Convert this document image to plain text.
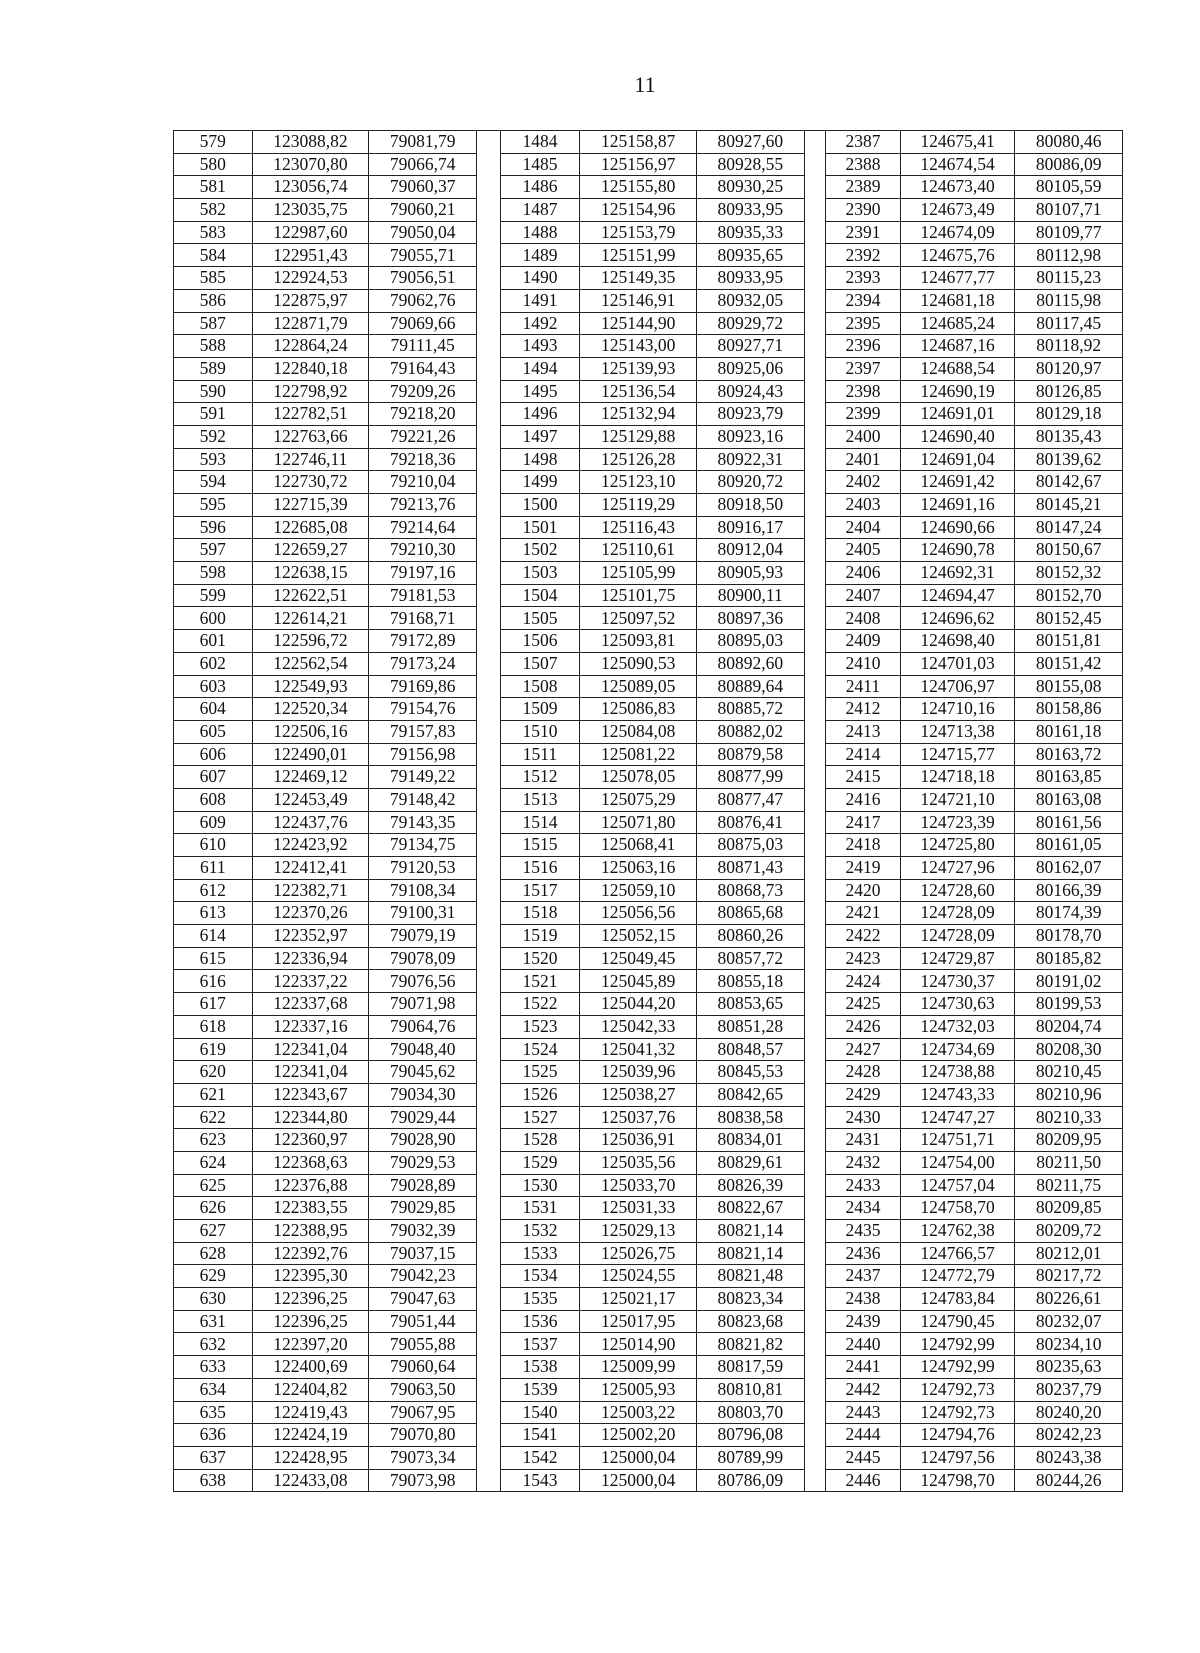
11
579	123088,82	79081,79		1484	125158,87	80927,60		2387	124675,41	80080,46
580	123070,80	79066,74		1485	125156,97	80928,55		2388	124674,54	80086,09
581	123056,74	79060,37		1486	125155,80	80930,25		2389	124673,40	80105,59
582	123035,75	79060,21		1487	125154,96	80933,95		2390	124673,49	80107,71
583	122987,60	79050,04		1488	125153,79	80935,33		2391	124674,09	80109,77
584	122951,43	79055,71		1489	125151,99	80935,65		2392	124675,76	80112,98
585	122924,53	79056,51		1490	125149,35	80933,95		2393	124677,77	80115,23
586	122875,97	79062,76		1491	125146,91	80932,05		2394	124681,18	80115,98
587	122871,79	79069,66		1492	125144,90	80929,72		2395	124685,24	80117,45
588	122864,24	79111,45		1493	125143,00	80927,71		2396	124687,16	80118,92
589	122840,18	79164,43		1494	125139,93	80925,06		2397	124688,54	80120,97
590	122798,92	79209,26		1495	125136,54	80924,43		2398	124690,19	80126,85
591	122782,51	79218,20		1496	125132,94	80923,79		2399	124691,01	80129,18
592	122763,66	79221,26		1497	125129,88	80923,16		2400	124690,40	80135,43
593	122746,11	79218,36		1498	125126,28	80922,31		2401	124691,04	80139,62
594	122730,72	79210,04		1499	125123,10	80920,72		2402	124691,42	80142,67
595	122715,39	79213,76		1500	125119,29	80918,50		2403	124691,16	80145,21
596	122685,08	79214,64		1501	125116,43	80916,17		2404	124690,66	80147,24
597	122659,27	79210,30		1502	125110,61	80912,04		2405	124690,78	80150,67
598	122638,15	79197,16		1503	125105,99	80905,93		2406	124692,31	80152,32
599	122622,51	79181,53		1504	125101,75	80900,11		2407	124694,47	80152,70
600	122614,21	79168,71		1505	125097,52	80897,36		2408	124696,62	80152,45
601	122596,72	79172,89		1506	125093,81	80895,03		2409	124698,40	80151,81
602	122562,54	79173,24		1507	125090,53	80892,60		2410	124701,03	80151,42
603	122549,93	79169,86		1508	125089,05	80889,64		2411	124706,97	80155,08
604	122520,34	79154,76		1509	125086,83	80885,72		2412	124710,16	80158,86
605	122506,16	79157,83		1510	125084,08	80882,02		2413	124713,38	80161,18
606	122490,01	79156,98		1511	125081,22	80879,58		2414	124715,77	80163,72
607	122469,12	79149,22		1512	125078,05	80877,99		2415	124718,18	80163,85
608	122453,49	79148,42		1513	125075,29	80877,47		2416	124721,10	80163,08
609	122437,76	79143,35		1514	125071,80	80876,41		2417	124723,39	80161,56
610	122423,92	79134,75		1515	125068,41	80875,03		2418	124725,80	80161,05
611	122412,41	79120,53		1516	125063,16	80871,43		2419	124727,96	80162,07
612	122382,71	79108,34		1517	125059,10	80868,73		2420	124728,60	80166,39
613	122370,26	79100,31		1518	125056,56	80865,68		2421	124728,09	80174,39
614	122352,97	79079,19		1519	125052,15	80860,26		2422	124728,09	80178,70
615	122336,94	79078,09		1520	125049,45	80857,72		2423	124729,87	80185,82
616	122337,22	79076,56		1521	125045,89	80855,18		2424	124730,37	80191,02
617	122337,68	79071,98		1522	125044,20	80853,65		2425	124730,63	80199,53
618	122337,16	79064,76		1523	125042,33	80851,28		2426	124732,03	80204,74
619	122341,04	79048,40		1524	125041,32	80848,57		2427	124734,69	80208,30
620	122341,04	79045,62		1525	125039,96	80845,53		2428	124738,88	80210,45
621	122343,67	79034,30		1526	125038,27	80842,65		2429	124743,33	80210,96
622	122344,80	79029,44		1527	125037,76	80838,58		2430	124747,27	80210,33
623	122360,97	79028,90		1528	125036,91	80834,01		2431	124751,71	80209,95
624	122368,63	79029,53		1529	125035,56	80829,61		2432	124754,00	80211,50
625	122376,88	79028,89		1530	125033,70	80826,39		2433	124757,04	80211,75
626	122383,55	79029,85		1531	125031,33	80822,67		2434	124758,70	80209,85
627	122388,95	79032,39		1532	125029,13	80821,14		2435	124762,38	80209,72
628	122392,76	79037,15		1533	125026,75	80821,14		2436	124766,57	80212,01
629	122395,30	79042,23		1534	125024,55	80821,48		2437	124772,79	80217,72
630	122396,25	79047,63		1535	125021,17	80823,34		2438	124783,84	80226,61
631	122396,25	79051,44		1536	125017,95	80823,68		2439	124790,45	80232,07
632	122397,20	79055,88		1537	125014,90	80821,82		2440	124792,99	80234,10
633	122400,69	79060,64		1538	125009,99	80817,59		2441	124792,99	80235,63
634	122404,82	79063,50		1539	125005,93	80810,81		2442	124792,73	80237,79
635	122419,43	79067,95		1540	125003,22	80803,70		2443	124792,73	80240,20
636	122424,19	79070,80		1541	125002,20	80796,08		2444	124794,76	80242,23
637	122428,95	79073,34		1542	125000,04	80789,99		2445	124797,56	80243,38
638	122433,08	79073,98		1543	125000,04	80786,09		2446	124798,70	80244,26
